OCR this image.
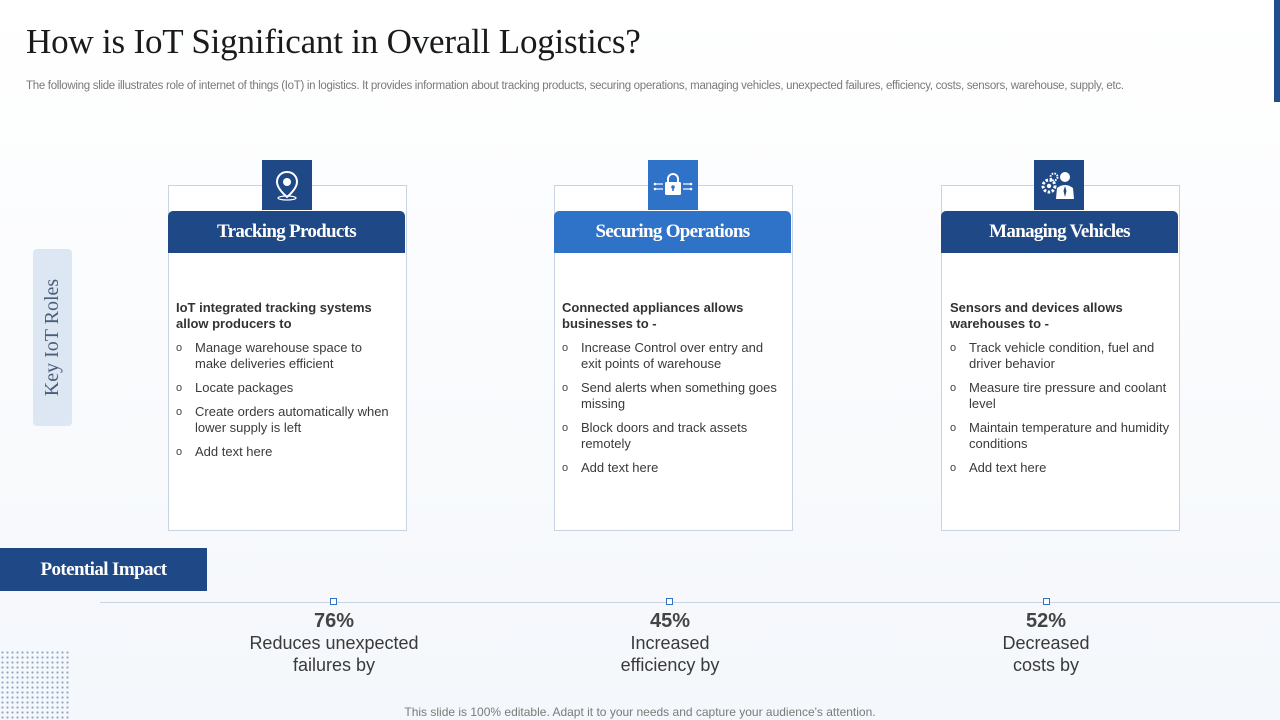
How is IoT Significant in Overall Logistics?
The following slide illustrates role of internet of things (IoT) in logistics. It provides information about tracking products, securing operations, managing vehicles, unexpected failures, efficiency, costs, sensors, warehouse, supply, etc.
Key IoT Roles
Tracking Products
IoT integrated tracking systems allow producers to
o Manage warehouse space to make deliveries efficient
o Locate packages
o Create orders automatically when lower supply is left
o Add text here
Securing Operations
Connected appliances allows businesses to -
o Increase Control over entry and exit points of warehouse
o Send alerts when something goes missing
o Block doors and track assets remotely
o Add text here
Managing Vehicles
Sensors and devices allows warehouses to -
o Track vehicle condition, fuel and driver behavior
o Measure tire pressure and coolant level
o Maintain temperature and humidity conditions
o Add text here
Potential Impact
76%
Reduces unexpected failures by
45%
Increased efficiency by
52%
Decreased costs by
This slide is 100% editable. Adapt it to your needs and capture your audience's attention.
